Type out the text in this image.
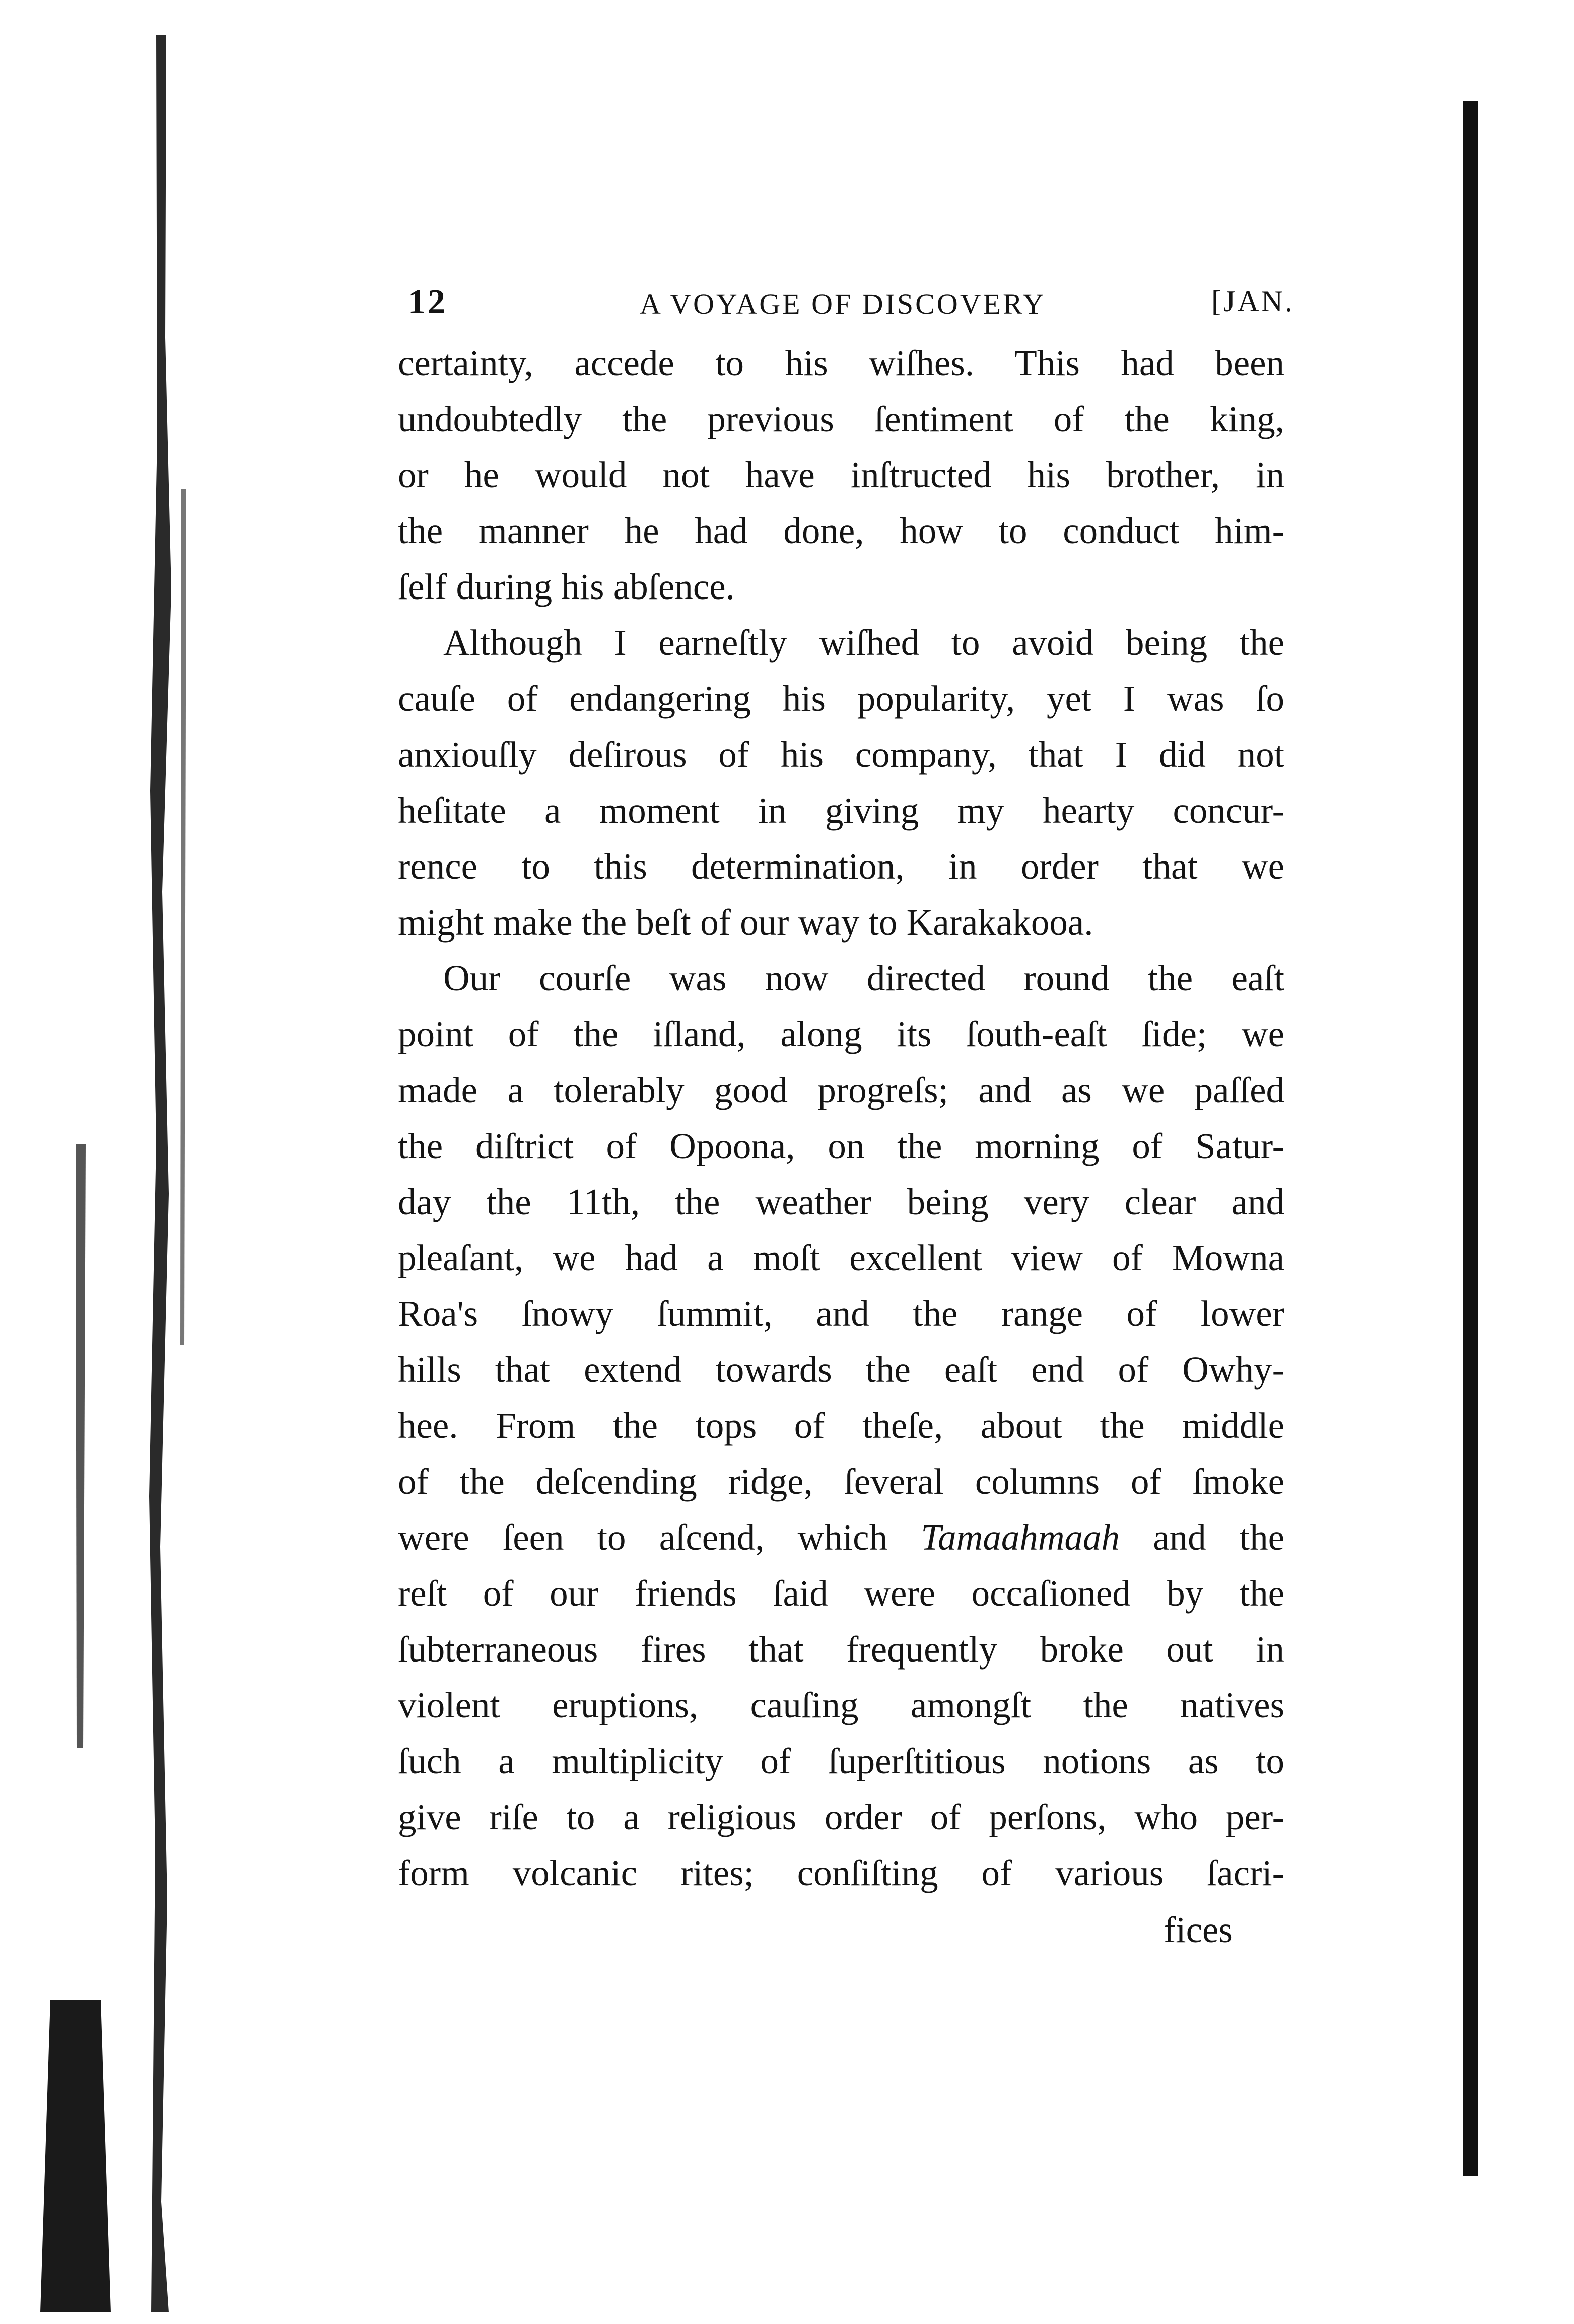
12	A VOYAGE OF DISCOVERY	[JAN.
certainty, accede to his wiſhes. This had been
undoubtedly the previous ſentiment of the king,
or he would not have inſtructed his brother, in
the manner he had done, how to conduct him-
ſelf during his abſence.
Although I earneſtly wiſhed to avoid being the
cauſe of endangering his popularity, yet I was ſo
anxiouſly deſirous of his company, that I did not
heſitate a moment in giving my hearty concur-
rence to this determination, in order that we
might make the beſt of our way to Karakakooa.
Our courſe was now directed round the eaſt
point of the iſland, along its ſouth-eaſt ſide; we
made a tolerably good progreſs; and as we paſſed
the diſtrict of Opoona, on the morning of Satur-
day the 11th, the weather being very clear and
pleaſant, we had a moſt excellent view of Mowna
Roa's ſnowy ſummit, and the range of lower
hills that extend towards the eaſt end of Owhy-
hee. From the tops of theſe, about the middle
of the deſcending ridge, ſeveral columns of ſmoke
were ſeen to aſcend, which Tamaahmaah and the
reſt of our friends ſaid were occaſioned by the
ſubterraneous fires that frequently broke out in
violent eruptions, cauſing amongſt the natives
ſuch a multiplicity of ſuperſtitious notions as to
give riſe to a religious order of perſons, who per-
form volcanic rites; conſiſting of various ſacri-
fices
